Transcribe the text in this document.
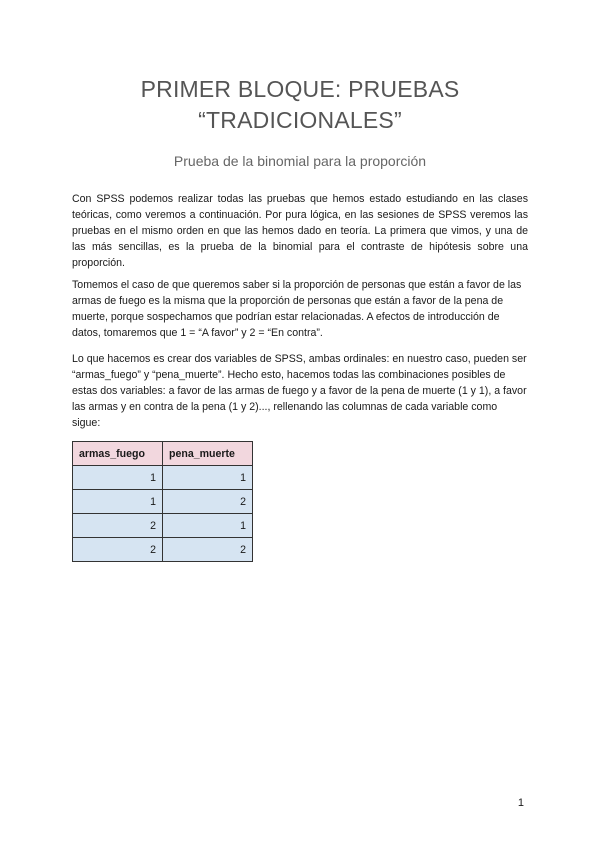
PRIMER BLOQUE: PRUEBAS
“TRADICIONALES”
Prueba de la binomial para la proporción

Con SPSS podemos realizar todas las pruebas que hemos estado estudiando en las clases teóricas, como veremos a continuación. Por pura lógica, en las sesiones de SPSS veremos las pruebas en el mismo orden en que las hemos dado en teoría. La primera que vimos, y una de las más sencillas, es la prueba de la binomial para el contraste de hipótesis sobre una proporción.

Tomemos el caso de que queremos saber si la proporción de personas que están a favor de las armas de fuego es la misma que la proporción de personas que están a favor de la pena de muerte, porque sospechamos que podrían estar relacionadas. A efectos de introducción de datos, tomaremos que 1 = “A favor” y 2 = “En contra”.

Lo que hacemos es crear dos variables de SPSS, ambas ordinales: en nuestro caso, pueden ser “armas_fuego” y “pena_muerte”. Hecho esto, hacemos todas las combinaciones posibles de estas dos variables: a favor de las armas de fuego y a favor de la pena de muerte (1 y 1), a favor las armas y en contra de la pena (1 y 2)..., rellenando las columnas de cada variable como sigue:

armas_fuego	pena_muerte
1	1
1	2
2	1
2	2
1
